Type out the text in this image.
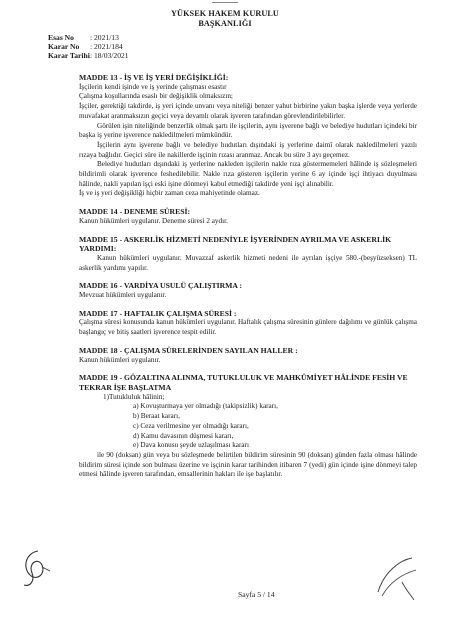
YÜKSEK HAKEM KURULU
BAŞKANLIĞI
Esas No : 2021/13
Karar No : 2021/184
Karar Tarihi: 18/03/2021

MADDE 13 - İŞ VE İŞ YERİ DEĞİŞİKLİĞİ:

İşçilerin kendi işinde ve iş yerinde çalışması esastır

Çalışma koşullarında esaslı bir değişiklik olmaksızın;

İşçiler, gerektiği takdirde, iş yeri içinde unvanı veya niteliği benzer yahut birbirine yakın başka işlerde veya yerlerde muvafakat aranmaksızın geçici veya devamlı olarak işveren tarafından görevlendirilebilirler.

Görülen işin niteliğinde benzerlik olmak şartı ile işçilerin, aynı işverene bağlı ve belediye hudutları içindeki bir başka iş yerine işverence nakledilmeleri mümkündür.

İşçilerin aynı işverene bağlı ve belediye hudutları dışındaki iş yerlerine daimî olarak nakledilmeleri yazılı rızaya bağlıdır. Geçici süre ile nakillerde işçinin rızası aranmaz. Ancak bu süre 3 ayı geçemez.

Belediye hudutları dışındaki iş yerlerine nakleden işçilerin nakle rıza göstermemeleri hâlinde iş sözleşmeleri bildirimli olarak işverence feshedilebilir. Nakle rıza gösteren işçilerin yerine 6 ay içinde işçi ihtiyacı duyulması hâlinde, nakli yapılan işçi eski işine dönmeyi kabul etmediği takdirde yeni işçi alınabilir.

İş ve iş yeri değişikliği hiçbir zaman ceza mahiyetinde olamaz.

MADDE 14 - DENEME SÜRESİ:

Kanun hükümleri uygulanır. Deneme süresi 2 aydır.

MADDE 15 - ASKERLİK HİZMETİ NEDENİYLE İŞYERİNDEN AYRILMA VE ASKERLİK YARDIMI:

Kanun hükümleri uygulanır. Muvazzaf askerlik hizmeti nedeni ile ayrılan işçiye 580.-(beşyüzseksen) TL askerlik yardımı yapılır.

MADDE 16 - VARDİYA USULÜ ÇALIŞTIRMA :

Mevzuat hükümleri uygulanır.

MADDE 17 - HAFTALIK ÇALIŞMA SÜRESİ :

Çalışma süresi konusunda kanun hükümleri uygulanır. Haftalık çalışma süresinin günlere dağılımı ve günlük çalışma başlangıç ve bitiş saatleri işverence tespit edilir.

MADDE 18 - ÇALIŞMA SÜRELERİNDEN SAYILAN HALLER :

Kanun hükümleri uygulanır.

MADDE 19 - GÖZALTINA ALINMA, TUTUKLULUK VE MAHKÛMİYET HÂLİNDE FESİH VE TEKRAR İŞE BAŞLATMA

1)Tutukluluk hâlinin;

a) Kovuşturmaya yer olmadığı (takipsizlik) kararı,

b) Beraat kararı,

c) Ceza verilmesine yer olmadığı kararı,

d) Kamu davasının düşmesi kararı,

e) Dava konusu şeyde uzlaşılması kararı

ile 90 (doksan) gün veya bu sözleşmede belirtilen bildirim süresinin 90 (doksan) günden fazla olması hâlinde bildirim süresi içinde son bulması üzerine ve işçinin karar tarihinden itibaren 7 (yedi) gün içinde işine dönmeyi talep etmesi hâlinde işveren tarafından, emsallerinin hakları ile işe başlatılır.

Sayfa 5 / 14
